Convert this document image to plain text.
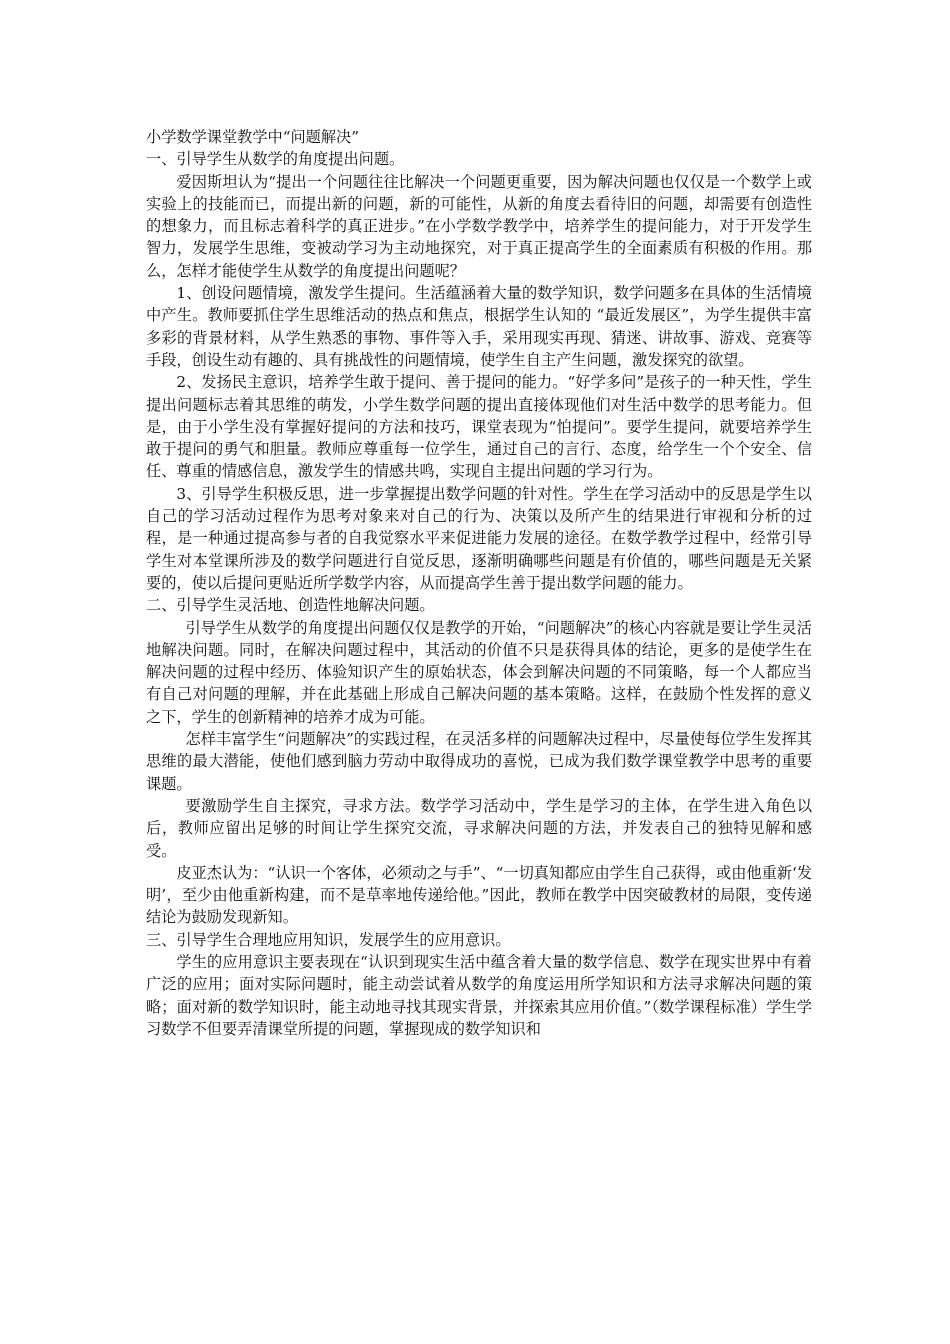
小学数学课堂教学中“问题解决”

一、引导学生从数学的角度提出问题。

爱因斯坦认为“提出一个问题往往比解决一个问题更重要，因为解决问题也仅仅是一个数学上或实验上的技能而已，而提出新的问题，新的可能性，从新的角度去看待旧的问题，却需要有创造性的想象力，而且标志着科学的真正进步。”在小学数学教学中，培养学生的提问能力，对于开发学生智力，发展学生思维，变被动学习为主动地探究，对于真正提高学生的全面素质有积极的作用。那么，怎样才能使学生从数学的角度提出问题呢？

1、创设问题情境，激发学生提问。生活蕴涵着大量的数学知识，数学问题多在具体的生活情境中产生。教师要抓住学生思维活动的热点和焦点，根据学生认知的 “最近发展区”，为学生提供丰富多彩的背景材料，从学生熟悉的事物、事件等入手，采用现实再现、猜迷、讲故事、游戏、竞赛等手段，创设生动有趣的、具有挑战性的问题情境，使学生自主产生问题，激发探究的欲望。

2、发扬民主意识，培养学生敢于提问、善于提问的能力。“好学多问”是孩子的一种天性，学生提出问题标志着其思维的萌发，小学生数学问题的提出直接体现他们对生活中数学的思考能力。但是，由于小学生没有掌握好提问的方法和技巧，课堂表现为“怕提问”。要学生提问，就要培养学生敢于提问的勇气和胆量。教师应尊重每一位学生，通过自己的言行、态度，给学生一个个安全、信任、尊重的情感信息，激发学生的情感共鸣，实现自主提出问题的学习行为。

3、引导学生积极反思，进一步掌握提出数学问题的针对性。学生在学习活动中的反思是学生以自己的学习活动过程作为思考对象来对自己的行为、决策以及所产生的结果进行审视和分析的过程，是一种通过提高参与者的自我觉察水平来促进能力发展的途径。在数学教学过程中，经常引导学生对本堂课所涉及的数学问题进行自觉反思，逐渐明确哪些问题是有价值的，哪些问题是无关紧要的，使以后提问更贴近所学数学内容，从而提高学生善于提出数学问题的能力。

二、引导学生灵活地、创造性地解决问题。

引导学生从数学的角度提出问题仅仅是教学的开始，“问题解决”的核心内容就是要让学生灵活地解决问题。同时，在解决问题过程中，其活动的价值不只是获得具体的结论，更多的是使学生在解决问题的过程中经历、体验知识产生的原始状态，体会到解决问题的不同策略，每一个人都应当有自己对问题的理解，并在此基础上形成自己解决问题的基本策略。这样，在鼓励个性发挥的意义之下，学生的创新精神的培养才成为可能。

怎样丰富学生“问题解决”的实践过程，在灵活多样的问题解决过程中，尽量使每位学生发挥其思维的最大潜能，使他们感到脑力劳动中取得成功的喜悦，已成为我们数学课堂教学中思考的重要课题。

要激励学生自主探究，寻求方法。数学学习活动中，学生是学习的主体，在学生进入角色以后，教师应留出足够的时间让学生探究交流，寻求解决问题的方法，并发表自己的独特见解和感受。

皮亚杰认为：“认识一个客体，必须动之与手”、“一切真知都应由学生自己获得，或由他重新‘发明’，至少由他重新构建，而不是草率地传递给他。”因此，教师在教学中因突破教材的局限，变传递结论为鼓励发现新知。

三、引导学生合理地应用知识，发展学生的应用意识。

学生的应用意识主要表现在“认识到现实生活中蕴含着大量的数学信息、数学在现实世界中有着广泛的应用；面对实际问题时，能主动尝试着从数学的角度运用所学知识和方法寻求解决问题的策略；面对新的数学知识时，能主动地寻找其现实背景，并探索其应用价值。”（数学课程标准）学生学习数学不但要弄清课堂所提的问题，掌握现成的数学知识和
